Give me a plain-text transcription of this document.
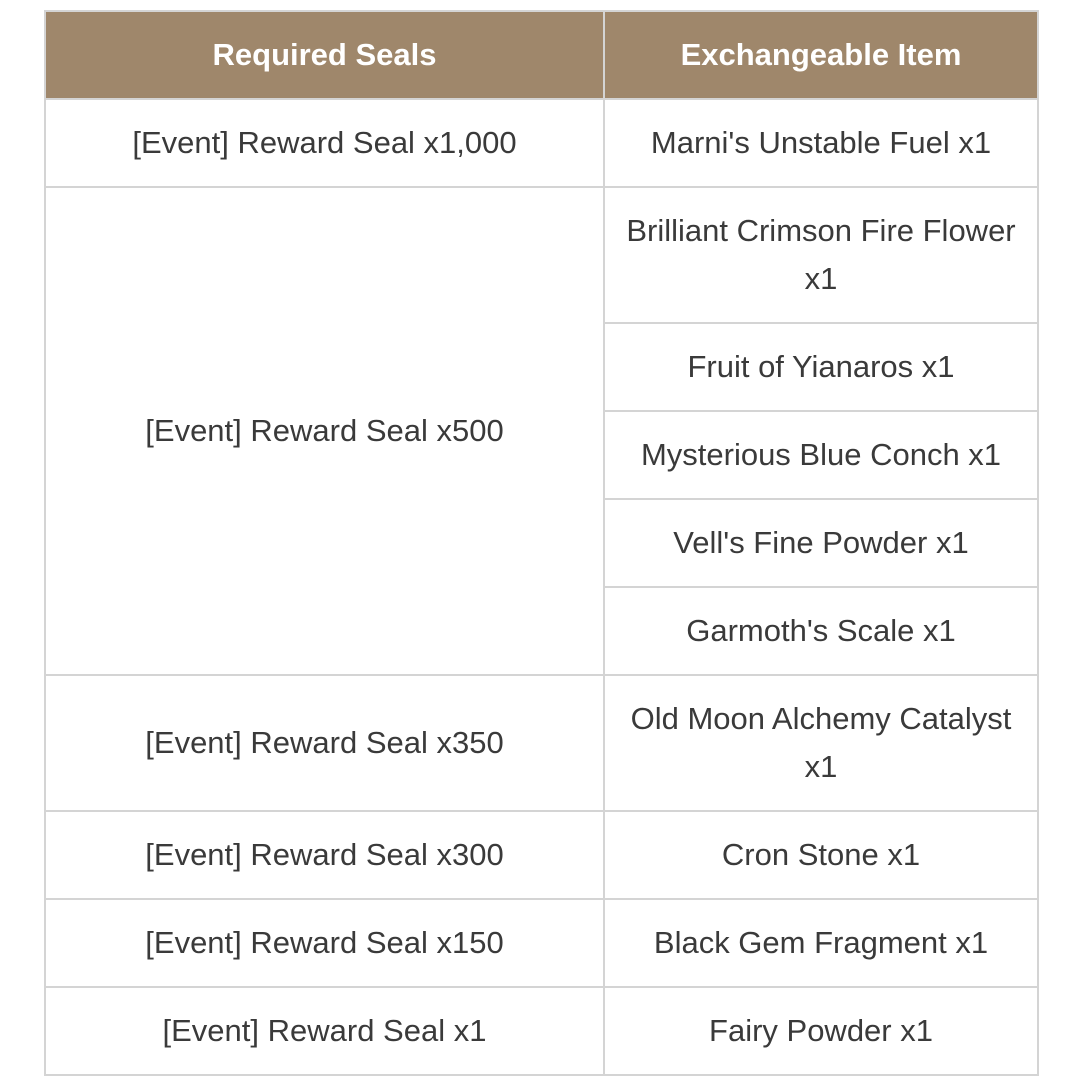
Required Seals	Exchangeable Item
[Event] Reward Seal x1,000	Marni's Unstable Fuel x1
[Event] Reward Seal x500	Brilliant Crimson Fire Flower x1
	Fruit of Yianaros x1
	Mysterious Blue Conch x1
	Vell's Fine Powder x1
	Garmoth's Scale x1
[Event] Reward Seal x350	Old Moon Alchemy Catalyst x1
[Event] Reward Seal x300	Cron Stone x1
[Event] Reward Seal x150	Black Gem Fragment x1
[Event] Reward Seal x1	Fairy Powder x1
